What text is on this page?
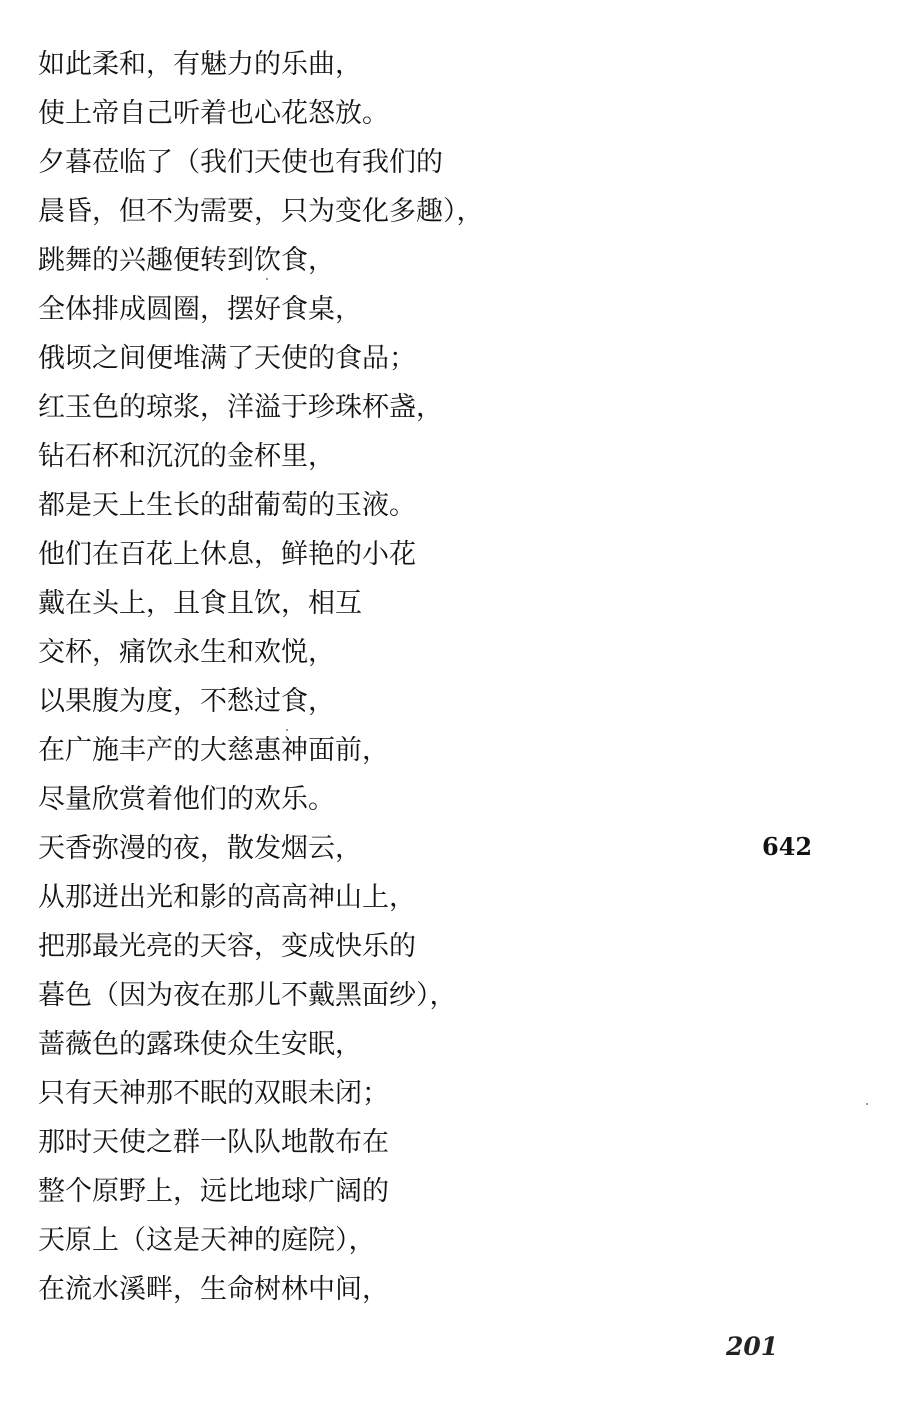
如此柔和，有魅力的乐曲，
使上帝自己听着也心花怒放。
夕暮莅临了（我们天使也有我们的
晨昏，但不为需要，只为变化多趣），
跳舞的兴趣便转到饮食，
全体排成圆圈，摆好食桌，
俄顷之间便堆满了天使的食品；
红玉色的琼浆，洋溢于珍珠杯盏，
钻石杯和沉沉的金杯里，
都是天上生长的甜葡萄的玉液。
他们在百花上休息，鲜艳的小花
戴在头上，且食且饮，相互
交杯，痛饮永生和欢悦，
以果腹为度，不愁过食，
在广施丰产的大慈惠神面前，
尽量欣赏着他们的欢乐。
天香弥漫的夜，散发烟云，
从那迸出光和影的高高神山上，
把那最光亮的天容，变成快乐的
暮色（因为夜在那儿不戴黑面纱），
蔷薇色的露珠使众生安眠，
只有天神那不眠的双眼未闭；
那时天使之群一队队地散布在
整个原野上，远比地球广阔的
天原上（这是天神的庭院），
在流水溪畔，生命树林中间，
642
201
